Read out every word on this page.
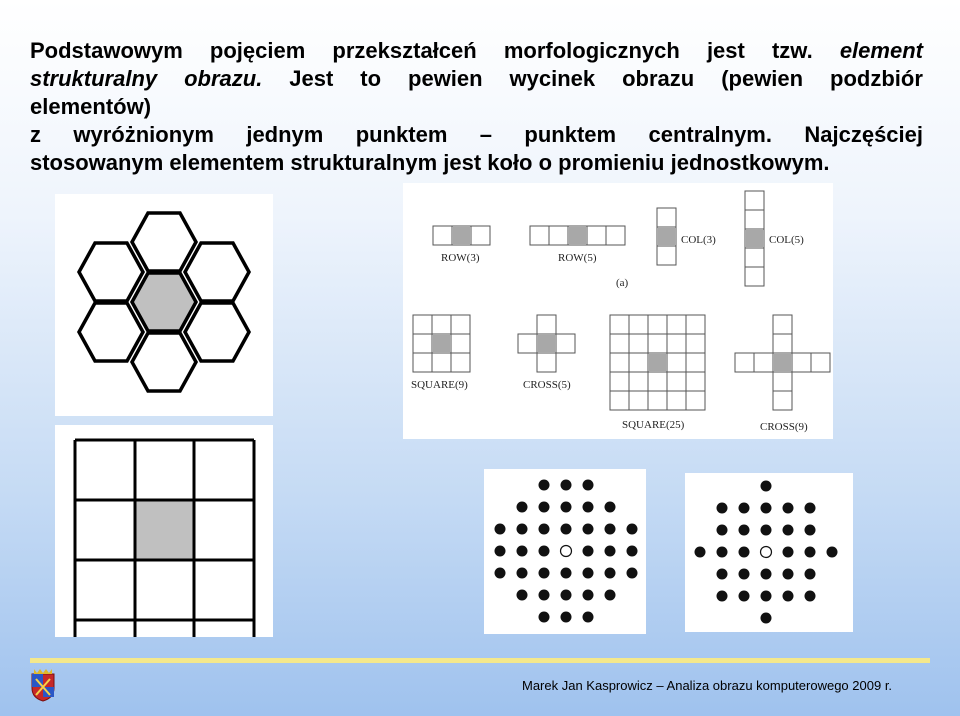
Podstawowym pojęciem przekształceń morfologicznych jest tzw. element
strukturalny obrazu. Jest to pewien wycinek obrazu (pewien podzbiór
elementów)
z wyróżnionym jednym punktem – punktem centralnym. Najczęściej
stosowanym elementem strukturalnym jest koło o promieniu jednostkowym.
ROW(3)	ROW(5)
COL(3)	COL(5)
(a)
SQUARE(9)	CROSS(5)
SQUARE(25)	CROSS(9)
Marek Jan Kasprowicz – Analiza obrazu komputerowego 2009 r.
